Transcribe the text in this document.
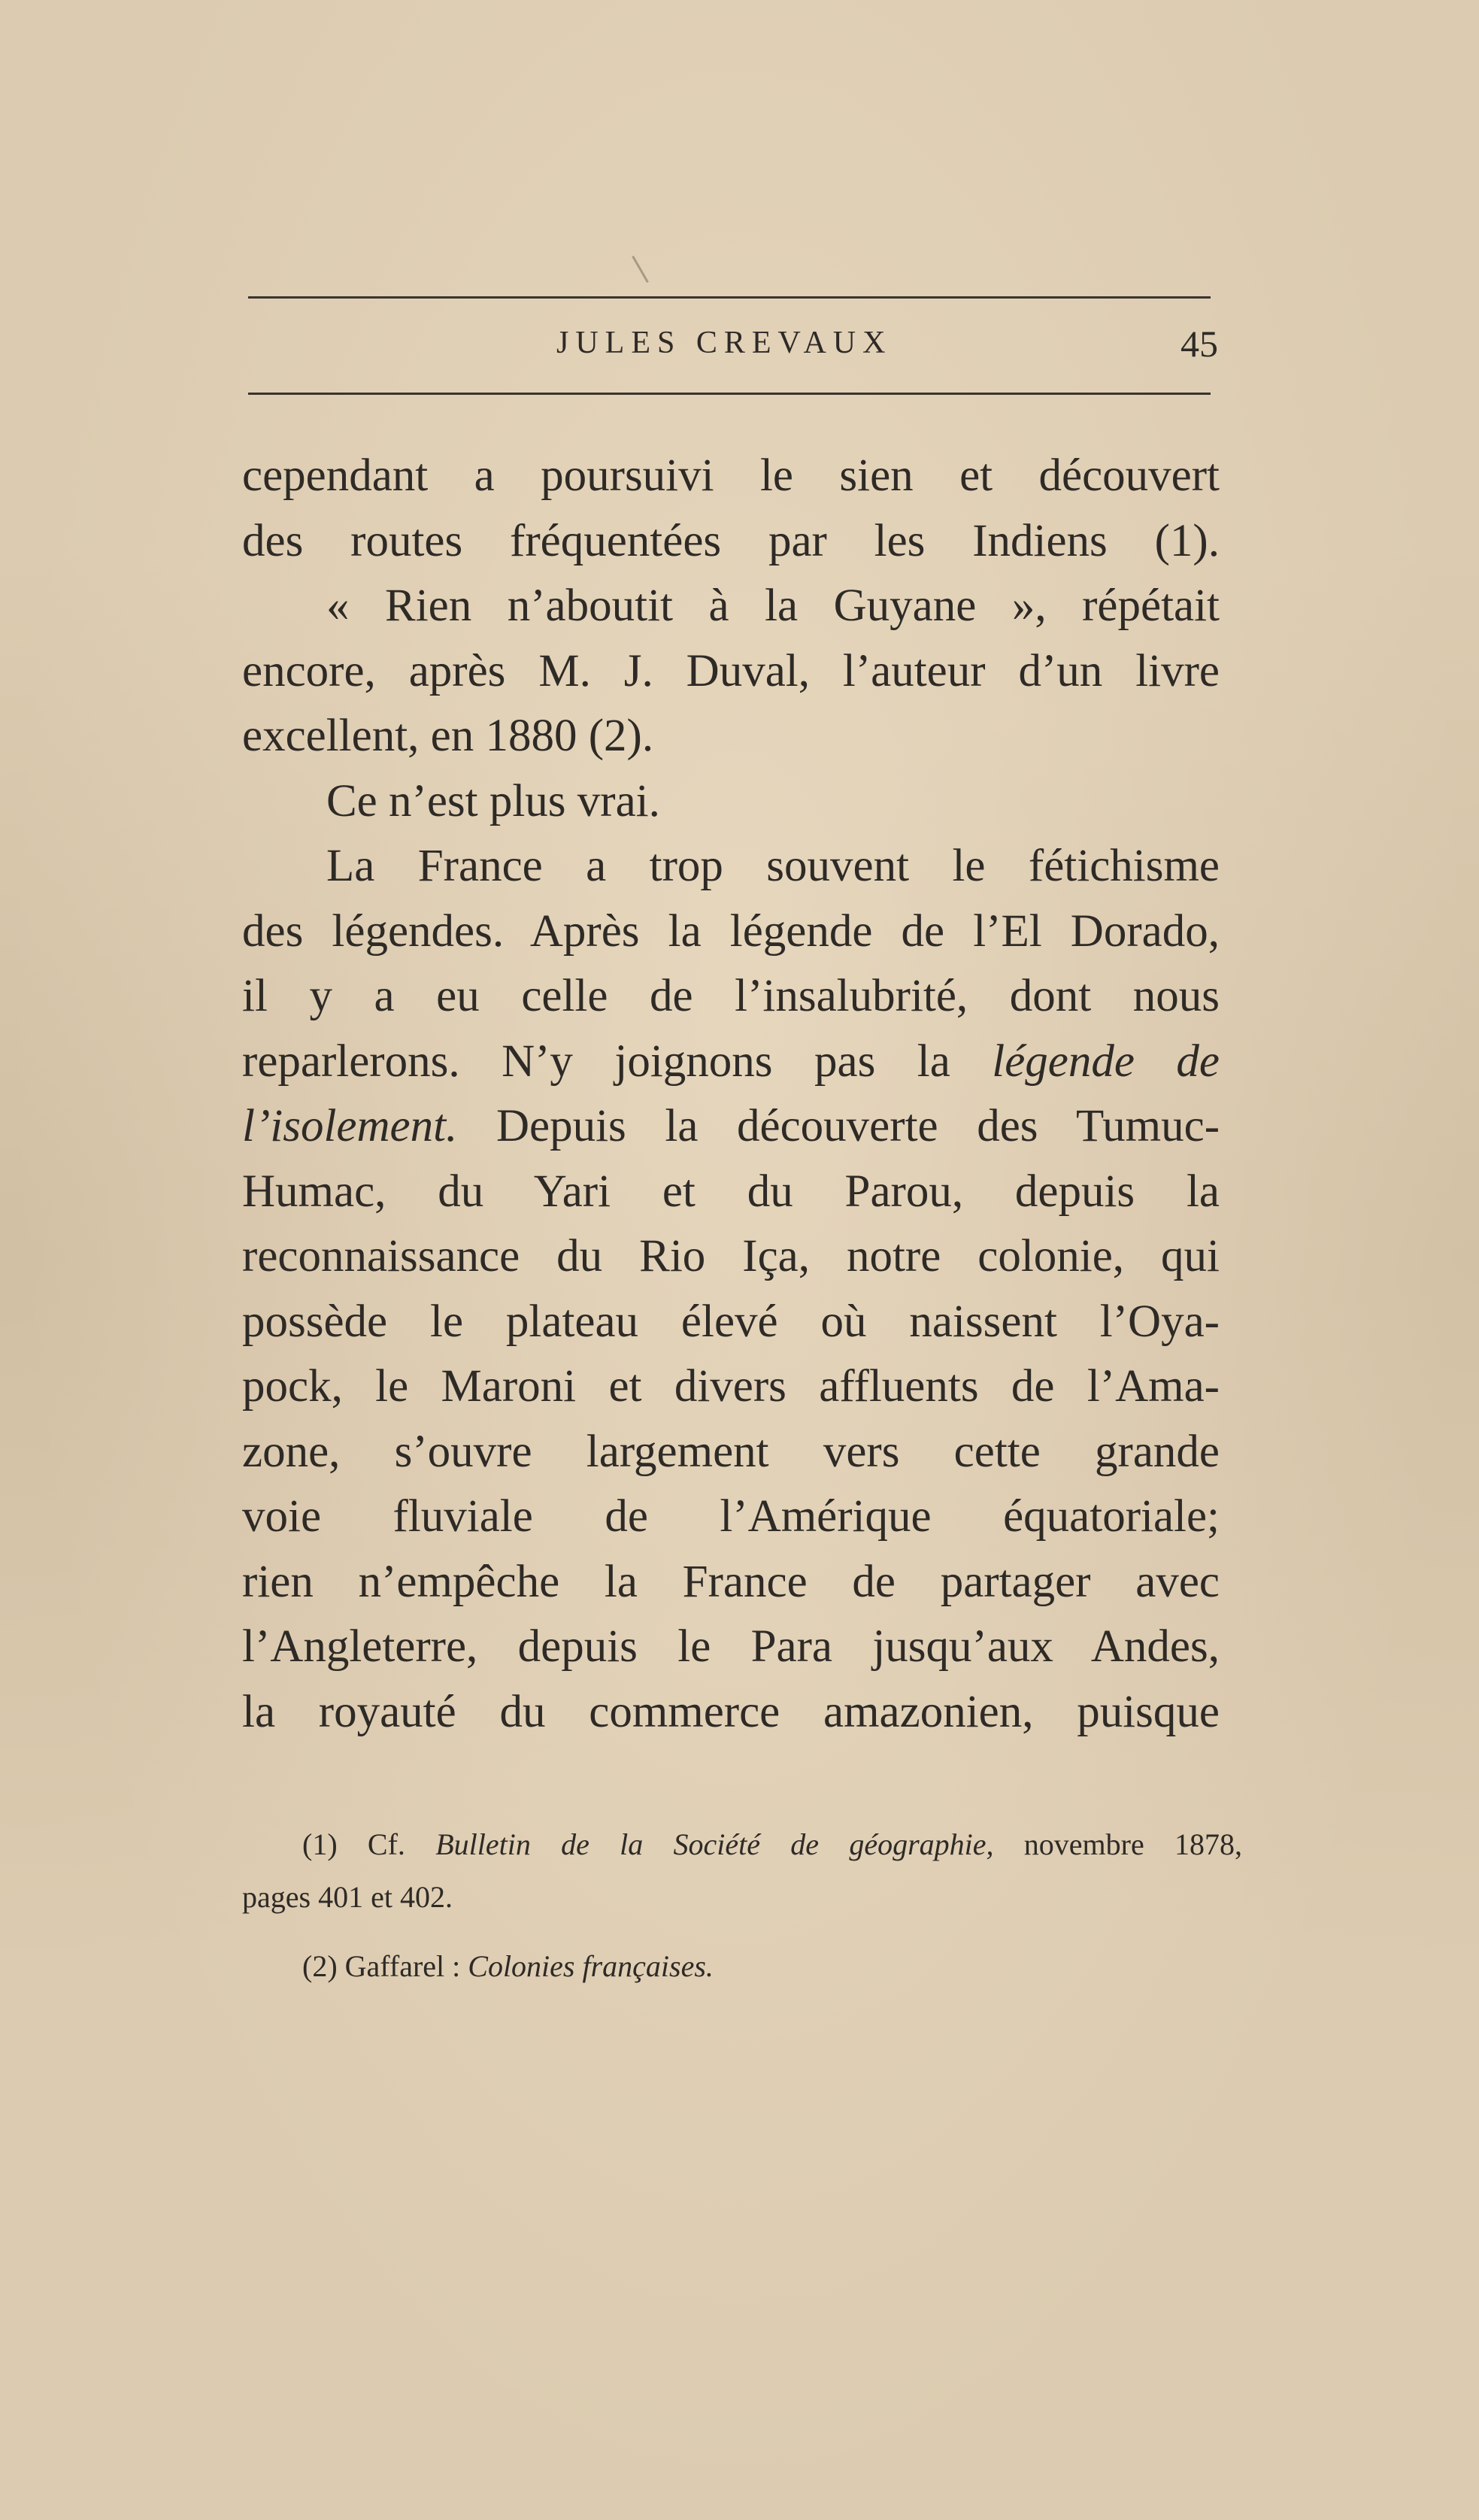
JULES CREVAUX	45
cependant a poursuivi le sien et découvert
des routes fréquentées par les Indiens (1).
« Rien n’aboutit à la Guyane », répétait
encore, après M. J. Duval, l’auteur d’un livre
excellent, en 1880 (2).
Ce n’est plus vrai.
La France a trop souvent le fétichisme
des légendes. Après la légende de l’El Dorado,
il y a eu celle de l’insalubrité, dont nous
reparlerons. N’y joignons pas la légende de
l’isolement. Depuis la découverte des Tumuc-
Humac, du Yari et du Parou, depuis la
reconnaissance du Rio Iça, notre colonie, qui
possède le plateau élevé où naissent l’Oya-
pock, le Maroni et divers affluents de l’Ama-
zone, s’ouvre largement vers cette grande
voie fluviale de l’Amérique équatoriale;
rien n’empêche la France de partager avec
l’Angleterre, depuis le Para jusqu’aux Andes,
la royauté du commerce amazonien, puisque
(1) Cf. Bulletin de la Société de géographie, novembre 1878,
pages 401 et 402.
(2) Gaffarel : Colonies françaises.
